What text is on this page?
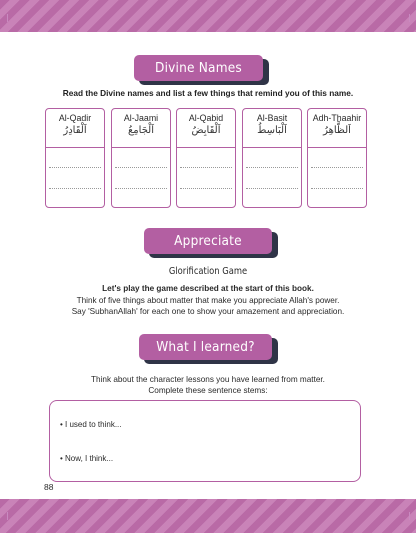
Divine Names
Read the Divine names and list a few things that remind you of this name.
Al-Qadir
اَلْقَادِرُ
Al-Jaami
اَلْجَامِعُ
Al-Qabid
اَلْقَابِضُ
Al-Basit
اَلْبَاسِطُ
Adh-Thaahir
اَلظَّاهِرُ
Appreciate
Glorification Game
Let's play the game described at the start of this book.
Think of five things about matter that make you appreciate Allah's power.
Say 'SubhanAllah' for each one to show your amazement and appreciation.
What I learned?
Think about the character lessons you have learned from matter.
Complete these sentence stems:
• I used to think...
• Now, I think...
88
